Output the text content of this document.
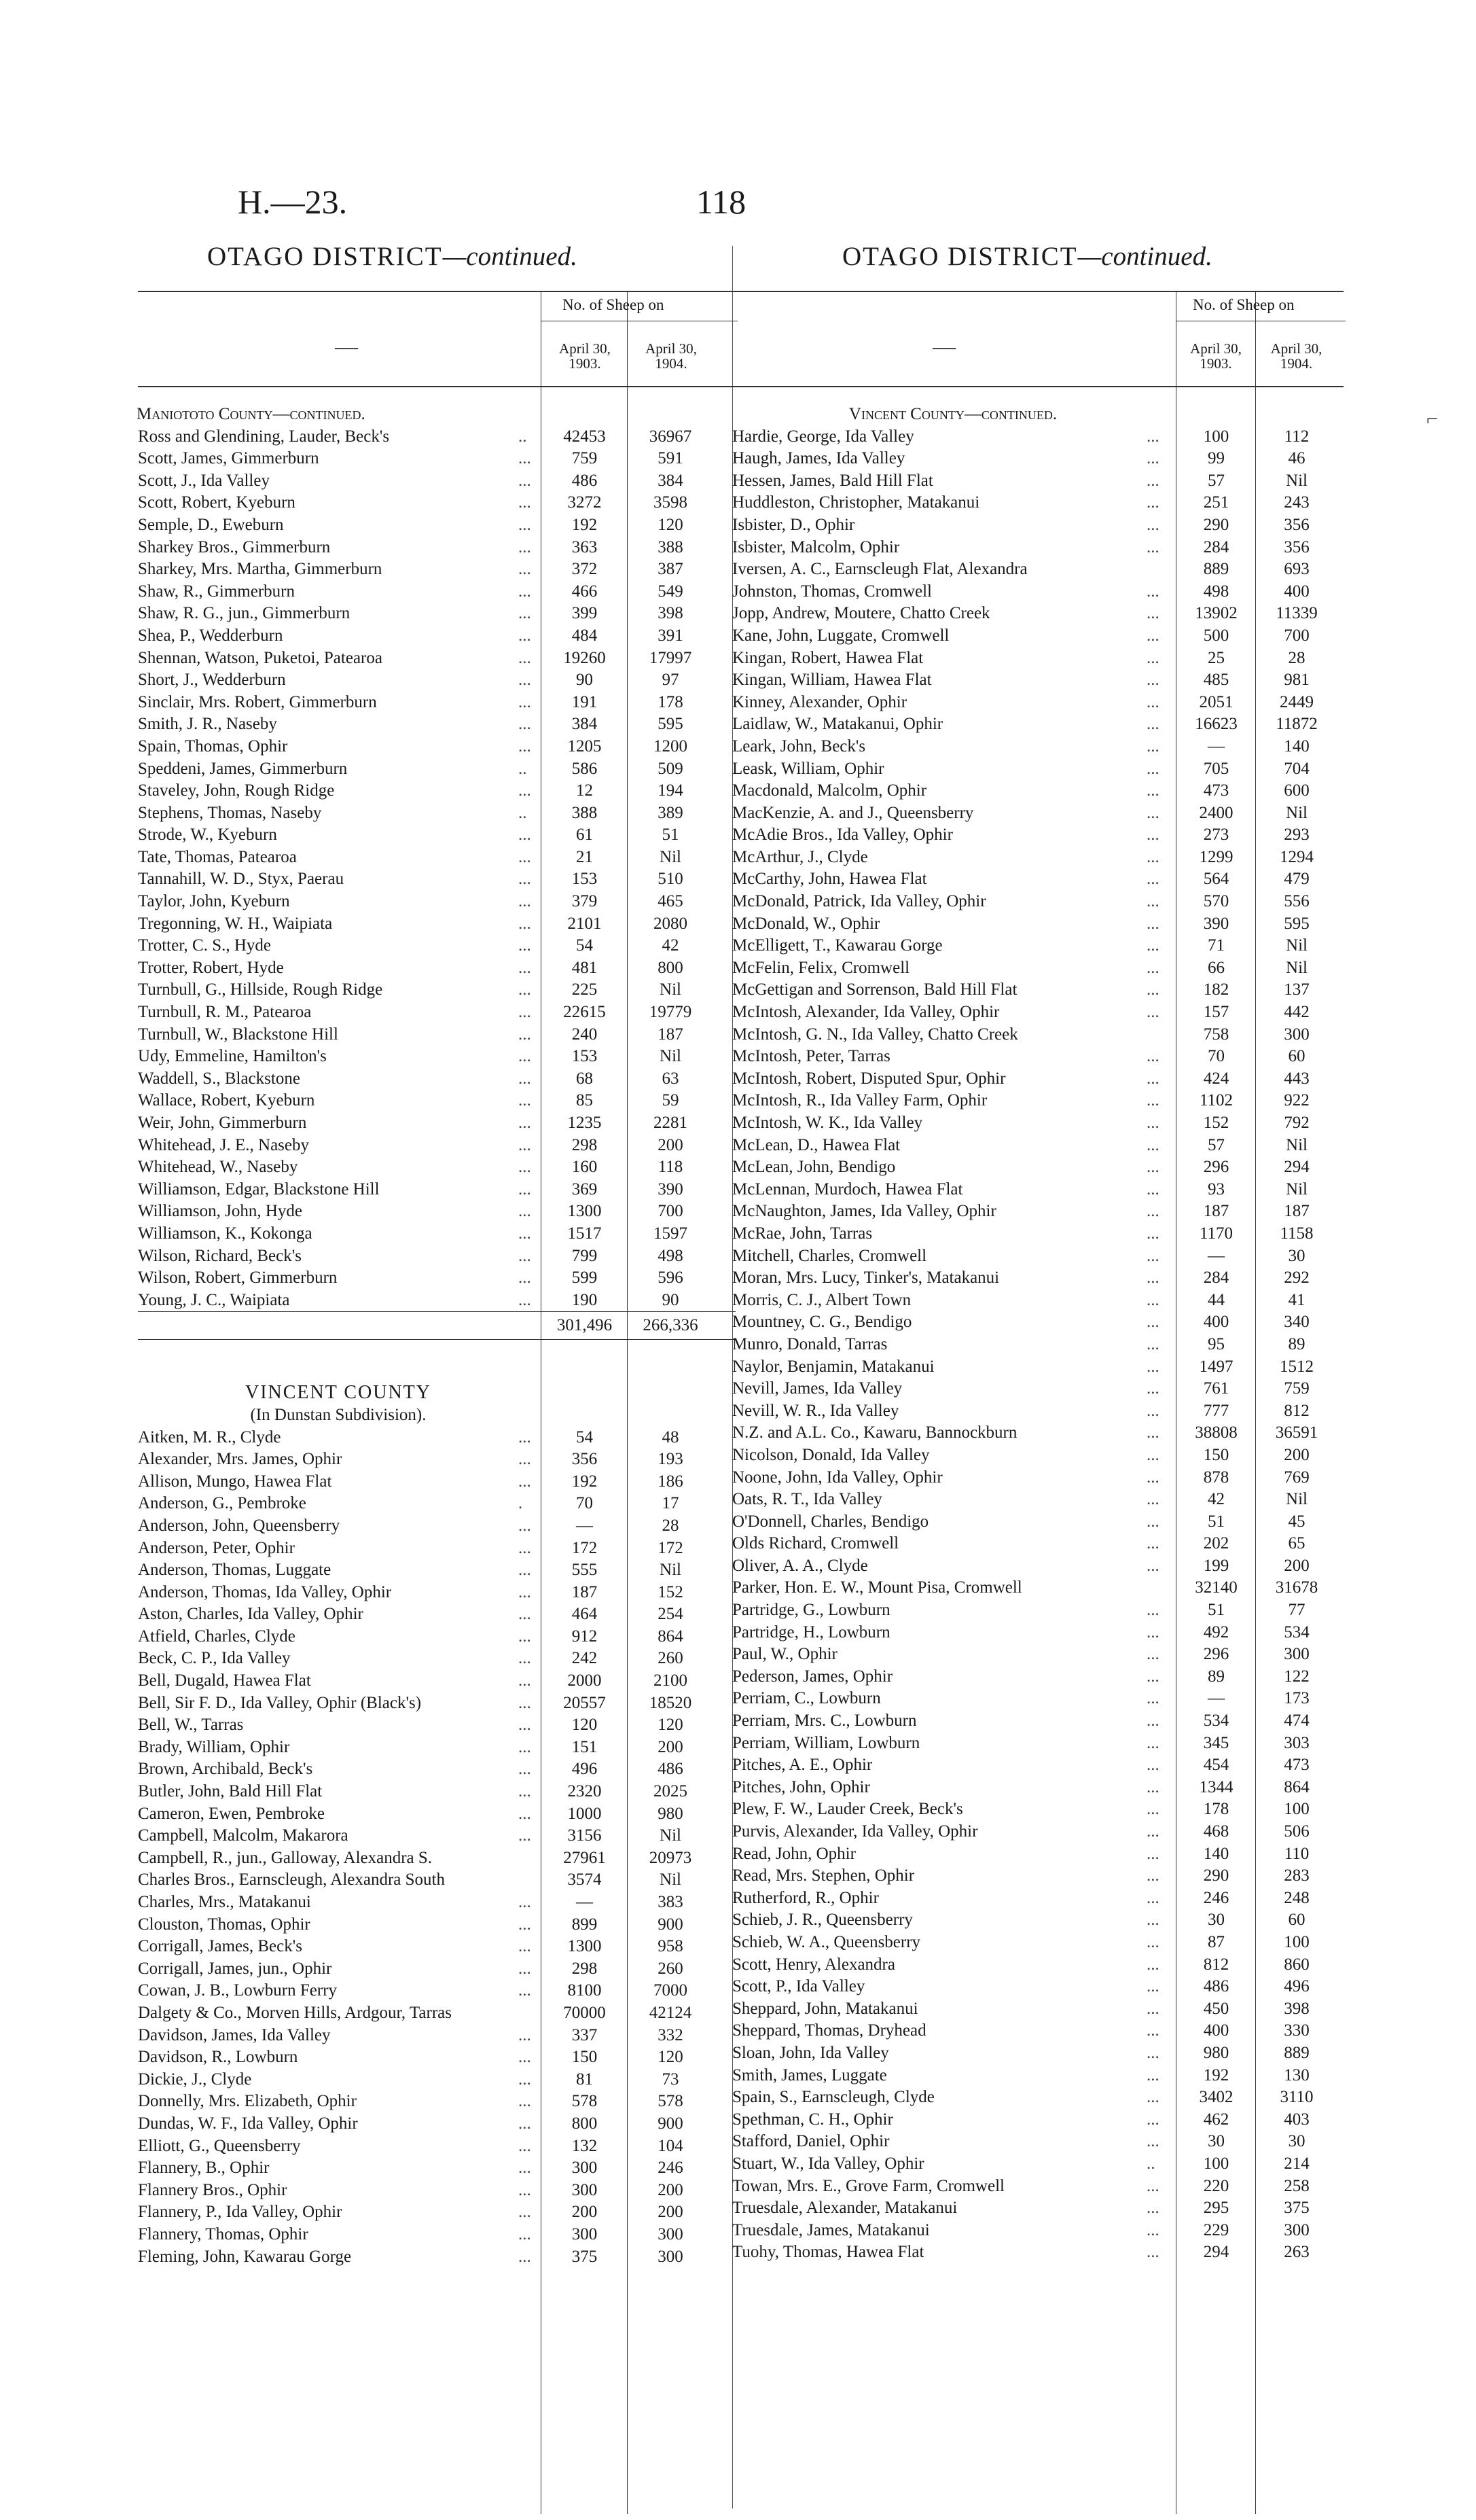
H.—23.	118
OTAGO DISTRICT—continued.	OTAGO DISTRICT—continued.
—
No. of Sheep on
April 30,
1903.
April 30,
1904.
Maniototo County—continued.
Ross and Glendining, Lauder, Beck's	..	42453	36967
Scott, James, Gimmerburn	...	759	591
Scott, J., Ida Valley	...	486	384
Scott, Robert, Kyeburn	...	3272	3598
Semple, D., Eweburn	...	192	120
Sharkey Bros., Gimmerburn	...	363	388
Sharkey, Mrs. Martha, Gimmerburn	...	372	387
Shaw, R., Gimmerburn	...	466	549
Shaw, R. G., jun., Gimmerburn	...	399	398
Shea, P., Wedderburn	...	484	391
Shennan, Watson, Puketoi, Patearoa	...	19260	17997
Short, J., Wedderburn	...	90	97
Sinclair, Mrs. Robert, Gimmerburn	...	191	178
Smith, J. R., Naseby	...	384	595
Spain, Thomas, Ophir	...	1205	1200
Speddeni, James, Gimmerburn	..	586	509
Staveley, John, Rough Ridge	...	12	194
Stephens, Thomas, Naseby	..	388	389
Strode, W., Kyeburn	...	61	51
Tate, Thomas, Patearoa	...	21	Nil
Tannahill, W. D., Styx, Paerau	...	153	510
Taylor, John, Kyeburn	...	379	465
Tregonning, W. H., Waipiata	...	2101	2080
Trotter, C. S., Hyde	...	54	42
Trotter, Robert, Hyde	...	481	800
Turnbull, G., Hillside, Rough Ridge	...	225	Nil
Turnbull, R. M., Patearoa	...	22615	19779
Turnbull, W., Blackstone Hill	...	240	187
Udy, Emmeline, Hamilton's	...	153	Nil
Waddell, S., Blackstone	...	68	63
Wallace, Robert, Kyeburn	...	85	59
Weir, John, Gimmerburn	...	1235	2281
Whitehead, J. E., Naseby	...	298	200
Whitehead, W., Naseby	...	160	118
Williamson, Edgar, Blackstone Hill	...	369	390
Williamson, John, Hyde	...	1300	700
Williamson, K., Kokonga	...	1517	1597
Wilson, Richard, Beck's	...	799	498
Wilson, Robert, Gimmerburn	...	599	596
Young, J. C., Waipiata	...	190	90
301,496	266,336
VINCENT COUNTY
(In Dunstan Subdivision).
Aitken, M. R., Clyde	...	54	48
Alexander, Mrs. James, Ophir	...	356	193
Allison, Mungo, Hawea Flat	...	192	186
Anderson, G., Pembroke	.	70	17
Anderson, John, Queensberry	...	—	28
Anderson, Peter, Ophir	...	172	172
Anderson, Thomas, Luggate	...	555	Nil
Anderson, Thomas, Ida Valley, Ophir	...	187	152
Aston, Charles, Ida Valley, Ophir	...	464	254
Atfield, Charles, Clyde	...	912	864
Beck, C. P., Ida Valley	...	242	260
Bell, Dugald, Hawea Flat	...	2000	2100
Bell, Sir F. D., Ida Valley, Ophir (Black's)	...	20557	18520
Bell, W., Tarras	...	120	120
Brady, William, Ophir	...	151	200
Brown, Archibald, Beck's	...	496	486
Butler, John, Bald Hill Flat	...	2320	2025
Cameron, Ewen, Pembroke	...	1000	980
Campbell, Malcolm, Makarora	...	3156	Nil
Campbell, R., jun., Galloway, Alexandra S.	27961	20973
Charles Bros., Earnscleugh, Alexandra South	3574	Nil
Charles, Mrs., Matakanui	...	—	383
Clouston, Thomas, Ophir	...	899	900
Corrigall, James, Beck's	...	1300	958
Corrigall, James, jun., Ophir	...	298	260
Cowan, J. B., Lowburn Ferry	...	8100	7000
Dalgety & Co., Morven Hills, Ardgour, Tarras	70000	42124
Davidson, James, Ida Valley	...	337	332
Davidson, R., Lowburn	...	150	120
Dickie, J., Clyde	...	81	73
Donnelly, Mrs. Elizabeth, Ophir	...	578	578
Dundas, W. F., Ida Valley, Ophir	...	800	900
Elliott, G., Queensberry	...	132	104
Flannery, B., Ophir	...	300	246
Flannery Bros., Ophir	...	300	200
Flannery, P., Ida Valley, Ophir	...	200	200
Flannery, Thomas, Ophir	...	300	300
Fleming, John, Kawarau Gorge	...	375	300
—
No. of Sheep on
April 30,
1903.
April 30,
1904.
Vincent County—continued.
Hardie, George, Ida Valley	...	100	112
Haugh, James, Ida Valley	...	99	46
Hessen, James, Bald Hill Flat	...	57	Nil
Huddleston, Christopher, Matakanui	...	251	243
Isbister, D., Ophir	...	290	356
Isbister, Malcolm, Ophir	...	284	356
Iversen, A. C., Earnscleugh Flat, Alexandra	889	693
Johnston, Thomas, Cromwell	...	498	400
Jopp, Andrew, Moutere, Chatto Creek	...	13902	11339
Kane, John, Luggate, Cromwell	...	500	700
Kingan, Robert, Hawea Flat	...	25	28
Kingan, William, Hawea Flat	...	485	981
Kinney, Alexander, Ophir	...	2051	2449
Laidlaw, W., Matakanui, Ophir	...	16623	11872
Leark, John, Beck's	...	—	140
Leask, William, Ophir	...	705	704
Macdonald, Malcolm, Ophir	...	473	600
MacKenzie, A. and J., Queensberry	...	2400	Nil
McAdie Bros., Ida Valley, Ophir	...	273	293
McArthur, J., Clyde	...	1299	1294
McCarthy, John, Hawea Flat	...	564	479
McDonald, Patrick, Ida Valley, Ophir	...	570	556
McDonald, W., Ophir	...	390	595
McElligett, T., Kawarau Gorge	...	71	Nil
McFelin, Felix, Cromwell	...	66	Nil
McGettigan and Sorrenson, Bald Hill Flat	...	182	137
McIntosh, Alexander, Ida Valley, Ophir	...	157	442
McIntosh, G. N., Ida Valley, Chatto Creek	758	300
McIntosh, Peter, Tarras	...	70	60
McIntosh, Robert, Disputed Spur, Ophir	...	424	443
McIntosh, R., Ida Valley Farm, Ophir	...	1102	922
McIntosh, W. K., Ida Valley	...	152	792
McLean, D., Hawea Flat	...	57	Nil
McLean, John, Bendigo	...	296	294
McLennan, Murdoch, Hawea Flat	...	93	Nil
McNaughton, James, Ida Valley, Ophir	...	187	187
McRae, John, Tarras	...	1170	1158
Mitchell, Charles, Cromwell	...	—	30
Moran, Mrs. Lucy, Tinker's, Matakanui	...	284	292
Morris, C. J., Albert Town	...	44	41
Mountney, C. G., Bendigo	...	400	340
Munro, Donald, Tarras	...	95	89
Naylor, Benjamin, Matakanui	...	1497	1512
Nevill, James, Ida Valley	...	761	759
Nevill, W. R., Ida Valley	...	777	812
N.Z. and A.L. Co., Kawaru, Bannockburn	...	38808	36591
Nicolson, Donald, Ida Valley	...	150	200
Noone, John, Ida Valley, Ophir	...	878	769
Oats, R. T., Ida Valley	...	42	Nil
O'Donnell, Charles, Bendigo	...	51	45
Olds Richard, Cromwell	...	202	65
Oliver, A. A., Clyde	...	199	200
Parker, Hon. E. W., Mount Pisa, Cromwell	32140	31678
Partridge, G., Lowburn	...	51	77
Partridge, H., Lowburn	...	492	534
Paul, W., Ophir	...	296	300
Pederson, James, Ophir	...	89	122
Perriam, C., Lowburn	...	—	173
Perriam, Mrs. C., Lowburn	...	534	474
Perriam, William, Lowburn	...	345	303
Pitches, A. E., Ophir	...	454	473
Pitches, John, Ophir	...	1344	864
Plew, F. W., Lauder Creek, Beck's	...	178	100
Purvis, Alexander, Ida Valley, Ophir	...	468	506
Read, John, Ophir	...	140	110
Read, Mrs. Stephen, Ophir	...	290	283
Rutherford, R., Ophir	...	246	248
Schieb, J. R., Queensberry	...	30	60
Schieb, W. A., Queensberry	...	87	100
Scott, Henry, Alexandra	...	812	860
Scott, P., Ida Valley	...	486	496
Sheppard, John, Matakanui	...	450	398
Sheppard, Thomas, Dryhead	...	400	330
Sloan, John, Ida Valley	...	980	889
Smith, James, Luggate	...	192	130
Spain, S., Earnscleugh, Clyde	...	3402	3110
Spethman, C. H., Ophir	...	462	403
Stafford, Daniel, Ophir	...	30	30
Stuart, W., Ida Valley, Ophir	..	100	214
Towan, Mrs. E., Grove Farm, Cromwell	...	220	258
Truesdale, Alexander, Matakanui	...	295	375
Truesdale, James, Matakanui	...	229	300
Tuohy, Thomas, Hawea Flat	...	294	263
⌐
